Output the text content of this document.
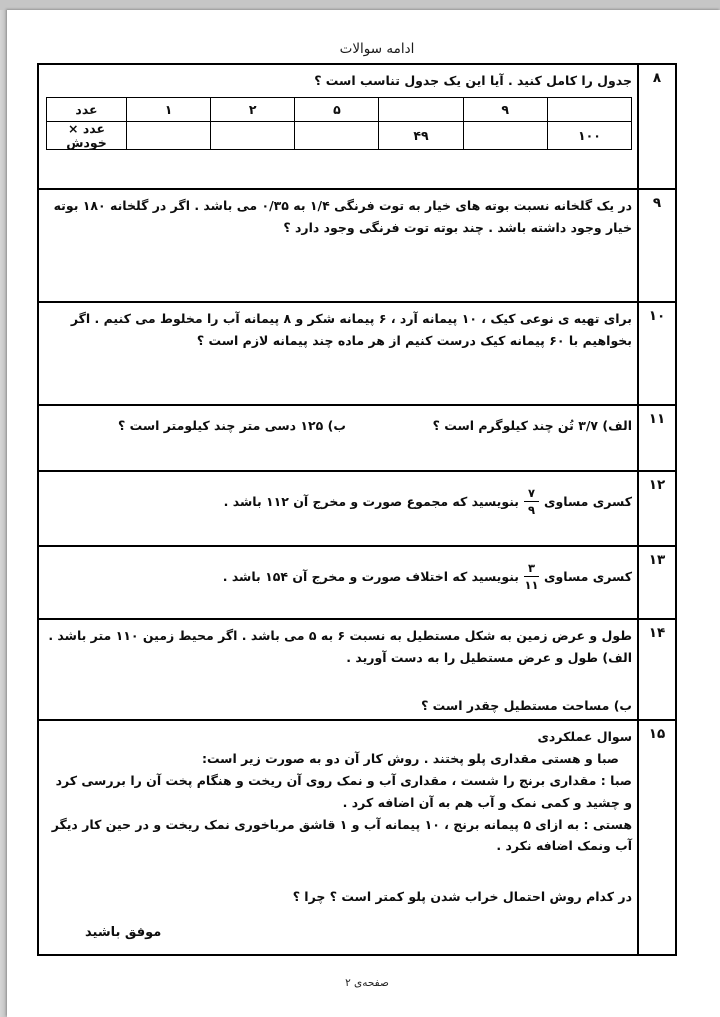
ادامه سوالات
جدول را کامل کنید . آیا این یک جدول تناسب است ؟
عدد	۱	۲	۵		۹	
عدد × خودش				۴۹		۱۰۰
۸
در یک گلخانه نسبت بوته های خیار به توت فرنگی ۱/۴ به ۰/۳۵ می باشد . اگر در گلخانه ۱۸۰ بوته خیار وجود داشته باشد . چند بوته توت فرنگی وجود دارد ؟
۹
برای تهیه ی نوعی کیک ، ۱۰ پیمانه آرد ، ۶ پیمانه شکر و ۸ پیمانه آب را مخلوط می کنیم . اگر بخواهیم با ۶۰ پیمانه کیک درست کنیم از هر ماده چند پیمانه لازم است ؟
۱۰
الف) ۳/۷ تُن چند کیلوگرم است ؟
ب) ۱۲۵ دسی متر چند کیلومتر است ؟	۱۱
کسری مساوی
$\frac{۷}{۹}$
بنویسید که مجموع صورت و مخرج آن ۱۱۲ باشد .
۱۲
کسری مساوی
$\frac{۳}{۱۱}$
بنویسید که اختلاف صورت و مخرج آن ۱۵۴ باشد .
۱۳
طول و عرض زمین به شکل مستطیل به نسبت ۶ به ۵ می باشد . اگر محیط زمین ۱۱۰ متر باشد .
الف) طول و عرض مستطیل را به دست آورید .
ب) مساحت مستطیل چقدر است ؟
۱۴
سوال عملکردی
صبا و هستی مقداری پلو پختند . روش کار آن دو به صورت زیر است:
صبا : مقداری برنج را شست ، مقداری آب و نمک روی آن ریخت و هنگام پخت آن را بررسی کرد و چشید و کمی نمک و آب هم به آن اضافه کرد .
هستی : به ازای ۵ پیمانه برنج ، ۱۰ پیمانه آب و ۱ قاشق مرباخوری نمک ریخت و در حین کار دیگر آب ونمک اضافه نکرد .
در کدام روش احتمال خراب شدن پلو کمتر است ؟ چرا ؟
موفق باشید
۱۵
صفحه‌ی ۲
